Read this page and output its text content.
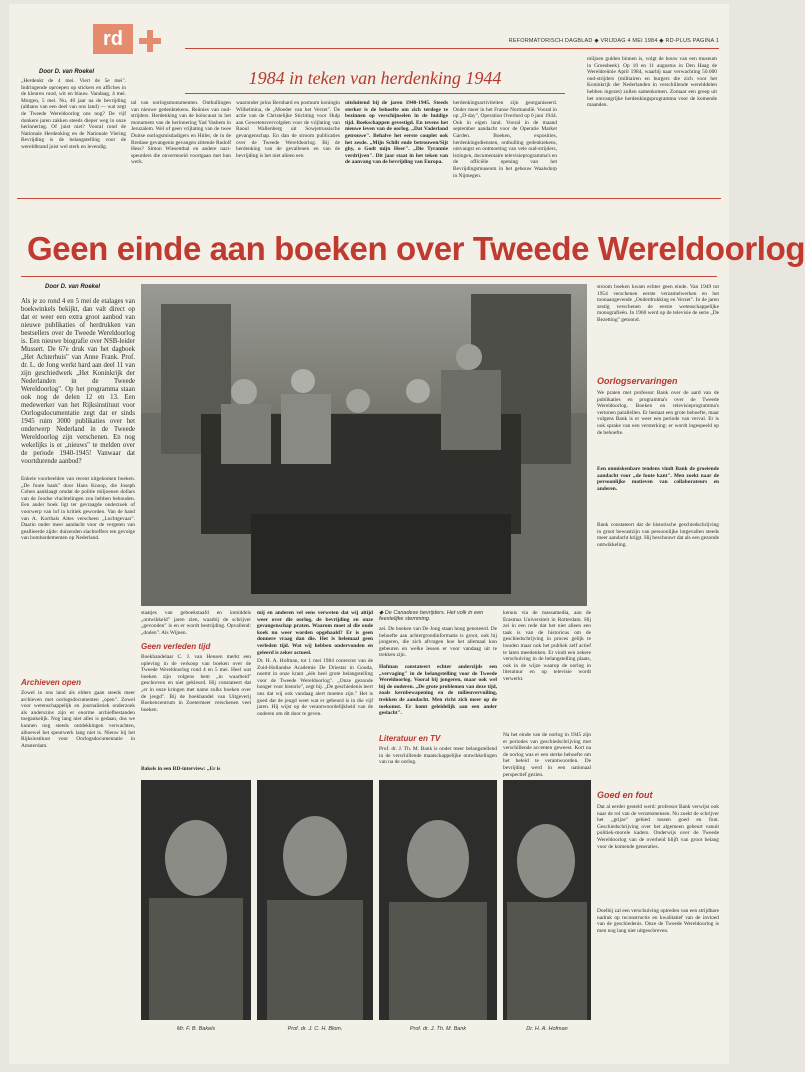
rd	REFORMATORISCH DAGBLAD ◆ VRIJDAG 4 MEI 1984 ◆ RD-PLUS PAGINA 1
Door D. van Roekel	1984 in teken van herdenking 1944
„Herdenkt de 4 mei. Viert de 5e mei". Indringende oproepen op stickers en affiches in de kleuren rood, wit en blauw. Vandaag, 4 mei. Morgen, 5 mei. Nu, 40 jaar na de bevrijding (althans van een deel van ons land) — wat zegt de Tweede Wereldoorlog ons nog? De vijf donkere jaren zakken steeds dieper weg in onze herinnering. Of juist niet? Vooral rond de Nationale Herdenking en de Nationale Viering Bevrijding is de belangstelling voor de wereldbrand juist wel sterk en levendig.
tal van oorlogsmonumenten. Onthullingen van nieuwe gedenktekens. Reünies van oud-strijders. Herdenking van de holocaust in het monument van de herinnering Yad Vashem in Jeruzalem. Wel of geen vrijlating van de twee Duitse oorlogsmisdadigers en Hitler, de in de Bredase gevangenis gevangen zittende Rudolf Hess? Simon Wiesenthal en andere nazi-speurders die onvermoeid voortgaan met hun werk.
waaronder prins Bernhard en postuum koningin Wilhelmina, de „Moeder van het Verzet". De actie van de Christelijke Stichting voor Hulp aan Gewetensvervolgden voor de vrijlating van Raoul Wallenberg uit Sowjetrussische gevangenschap. En dan de stroom publicaties over de Tweede Wereldoorlog. Bij de herdenking van de gevallenen en van de bevrijding is het niet alleen een
uitsluitend bij de jaren 1940-1945. Steeds sterker is de behoefte om zich terdege te bezinnen op verschijnselen in de huidige tijd. Boekschappen gevestigd. En tevens het nieuwe leven van de oorlog. „Dat Vaderland getrouwe". Behalve het eerste couplet ook het zesde. „Mijn Schilt ende betrouwen/Sijt ghy, o Godt mijn Heer". „Die Tyrannie verdrijven". Dit jaar staat in het teken van de aanvang van de bevrijding van Europa.
herdenkingsactiviteiten zijn georganiseerd. Onder meer in het Franse Normandië. Vooral in op „D-day", Operation Overlord op 6 juni 1944. Ook in eigen land. Vooral in de maand september aandacht voor de Operatie Market Garden. Boeken, exposities, herdenkingsdiensten, onthulling gedenktekens, ontvangst en ontmoeting van vele oud-strijders, lezingen, documentaire televisieprogramma's en de officiële opening van het Bevrijdingsmuseum in het gebouw Waalsdorp in Nijmegen.
miljoen gulden binnen is, volgt de bouw van een museum in Groesbeek). Op 10 en 11 augustus in Den Haag de Wereldreünie April 1984, waarbij naar verwachting 50.000 oud-strijders (militairen en burgers die zich voor het Koninkrijk der Nederlanden in verschillende werelddelen hebben ingezet) zullen samenkomen. Zomaar een greep uit het omvangrijke herdenkingsprogramma voor de komende maanden.
Geen einde aan boeken over Tweede Wereldoorlog
Door D. van Roekel
Als je zo rond 4 en 5 mei de etalages van boekwinkels bekijkt, dan valt direct op dat er weer een extra groot aanbod van nieuwe publikaties of herdrukken van bestsellers over de Tweede Wereldoorlog is. Een nieuwe biografie over NSB-leider Mussert. De 67e druk van het dagboek „Het Achterhuis" van Anne Frank. Prof. dr. L. de Jong werkt hard aan deel 11 van zijn geschiedwerk „Het Koninkrijk der Nederlanden in de Tweede Wereldoorlog". Op het programma staan ook nog de delen 12 en 13. Een medewerker van het Rijksinstituut voor Oorlogsdocumentatie zegt dat er sinds 1945 ruim 3000 publikaties over het onderwerp Nederland in de Tweede Wereldoorlog zijn verschenen. En nog wekelijks is er „nieuws" te melden over de periode 1940-1945! Vanwaar dat voortdurende aanbod?
Enkele voorbeelden van recent uitgekomen boeken. „De foute bank" door Hans Knoop, die Joseph Cohen aanklaagt omdat de politie miljoenen dollars van de Joodse vluchtelingen zou hebben behouden. Een ander boek ligt ter gevraagde onderzoek of voorwerp van lof in kritiek geworden. Van de hand van A. Korthals Altes verscheen „Luchtgevaar". Daarin onder meer aandacht voor de vergeten van geallieerde zijde: duizenden slachtoffers ten gevolge van bombardementen op Nederland.
Archieven open
Zowel in ons land als elders gaan steeds meer archieven met oorlogsdocumenten „open". Zowel voor wetenschappelijk en journalistiek onderzoek als anderszins zijn er enorme archiefbestanden toegankelijk. Nog lang niet alles is gedaan, dus we kunnen nog steeds ontdekkingen verwachten, alhoewel het speurwerk lang niet is. Nieuw bij het Rijksinstituut voor Oorlogsdocumentatie in Amsterdam.
staatjes van geboekstaafd en inmiddels „ontwikkeld" jaren zien, waarbij de schrijver „gevonden" is en er wordt bestrijding. Opvallend: „doden". Als Wijnen.
Geen verleden tijd
Boekhandelaar C. J. van Hensen merkt een opleving in de verkoop van boeken over de Tweede Wereldoorlog rond 4 en 5 mei. Heel wat boeken zijn volgens hem „in waarheid" geschreven en niet gekleurd. Hij constateert dat „er in onze kringen met name zulks boeken over de jeugd". Bij de boekhandel van Uitgeverij Boekencentrum in Zoetermeer verschenen veel boeken.
Bakels in een RD-interview: „Er is
mij en anderen vel eens verweten dat wij altijd weer over die oorlog, de bevrijding en onze gevangenschap praten. Waarom moet al die oude koek nu weer worden opgehaald? Er is geen donnere vraag dan die. Het is helemaal geen verleden tijd. Wat wij hebben ondervonden en geleerd is zeker actueel.
Dr. H. A. Hofman, tot 1 mei 1984 conrector van de Zuid-Hollandse Academie De Driestar in Gouda, noemt in onze krant „één heel grote belangstelling voor de Tweede Wereldoorlog". „Onze gezonde honger voor historie", zegt hij. „De geschiedenis leert ons dat wij ook vandaag alert moeten zijn." Het is goed dat de jeugd weet wat er gebeurd is in die vijf jaren. Hij wijst op de verantwoordelijkheid van de ouderen om dit door te geven.
◆ De Canadese bevrijders. Het volk in een feestelijke stemming.
zei. De boeken van De Jong staan hoog genoteerd. De behoefte aan achtergrondinformatie is groot, ook bij jongeren, die zich afvragen hoe het allemaal kon gebeuren en welke lessen er voor vandaag uit te trekken zijn.
Hofman constateert echter anderzijds een „vervaging" in de belangstelling voor de Tweede Wereldoorlog. Vooral bij jongeren, maar ook wel bij de ouderen. „De grote problemen van deze tijd, zoals kernbewapening en de milieuvervuiling, trekken de aandacht. Men richt zich meer op de toekomst. Er komt geleidelijk aan een ander geslacht".
Literatuur en TV
Prof. dr. J. Th. M. Bank is onder meer belangstellend in de verschillende maatschappelijke ontwikkelingen van na de oorlog.
kennis via de massamedia, aan de Erasmus Universiteit in Rotterdam. Hij zei in een rede dat het niet alleen een taak is van de historicus om de geschiedschrijving in proces gelijk te houden maar ook het publiek zelf actief te laten meedenken. Er vindt een zekere verschuiving in de belangstelling plaats, ook in de wijze waarop de oorlog in literatuur en op televisie wordt verwerkt.
Na het einde van de oorlog in 1945 zijn er periodes van geschiedschrijving met verschillende accenten geweest. Kort na de oorlog was er een sterke behoefte om het beleid te verantwoorden. De bevrijding werd in een nationaal perspectief gezien.
stroom boeken kwam echter geen einde. Van 1949 tot 1954 verschenen eerste verzamelwerken en het toonaangevende „Onderdrukking en Verzet". In de jaren zestig verschenen de eerste wetenschappelijke monografieën. In 1960 werd op de televisie de serie „De Bezetting" getoond.
Oorlogservaringen
We praten met professor Bank over de aard van de publikaties en programma's over de Tweede Wereldoorlog. Boeken en televisieprogramma's vertonen parallellen. Er bestaat een grote behoefte, maar volgens Bank is er weer een periode van verval. Er is ook sprake van een versterking: er wordt ingespeeld op de behoefte.
Een onmiskenbare tendens vindt Bank de groeiende aandacht voor „de foute kant". Men zoekt naar de persoonlijke motieven van collaborateurs en anderen.
Bank constateert dat de historische geschiedschrijving in groot bewustzijn van persoonlijke lotgevallen steeds meer aandacht krijgt. Hij beschouwt dat als een gezonde ontwikkeling.
Goed en fout
Dat al eerder gesteld werd: professor Bank verwijst ook naar de rol van de verzetsmensen. Nu zoekt de schrijver het „grijze" gebied tussen goed en fout. Geschiedschrijving over het algemeen gebeurt vanuit politiek-morele kaders. Onderwijs over de Tweede Wereldoorlog van de overheid blijft van groot belang voor de komende generaties.
Doelbij zal een verschuiving optreden van een strijdbare nadruk op reconstructie en kwalitatief van de invloed van de geschiedenis. Onze de Tweede Wereldoorlog is men nog lang niet uitgeschreven.
Mr. F. B. Bakels	Prof. dr. J. C. H. Blom.	Prof. dr. J. Th. M. Bank	Dr. H. A. Hofman
